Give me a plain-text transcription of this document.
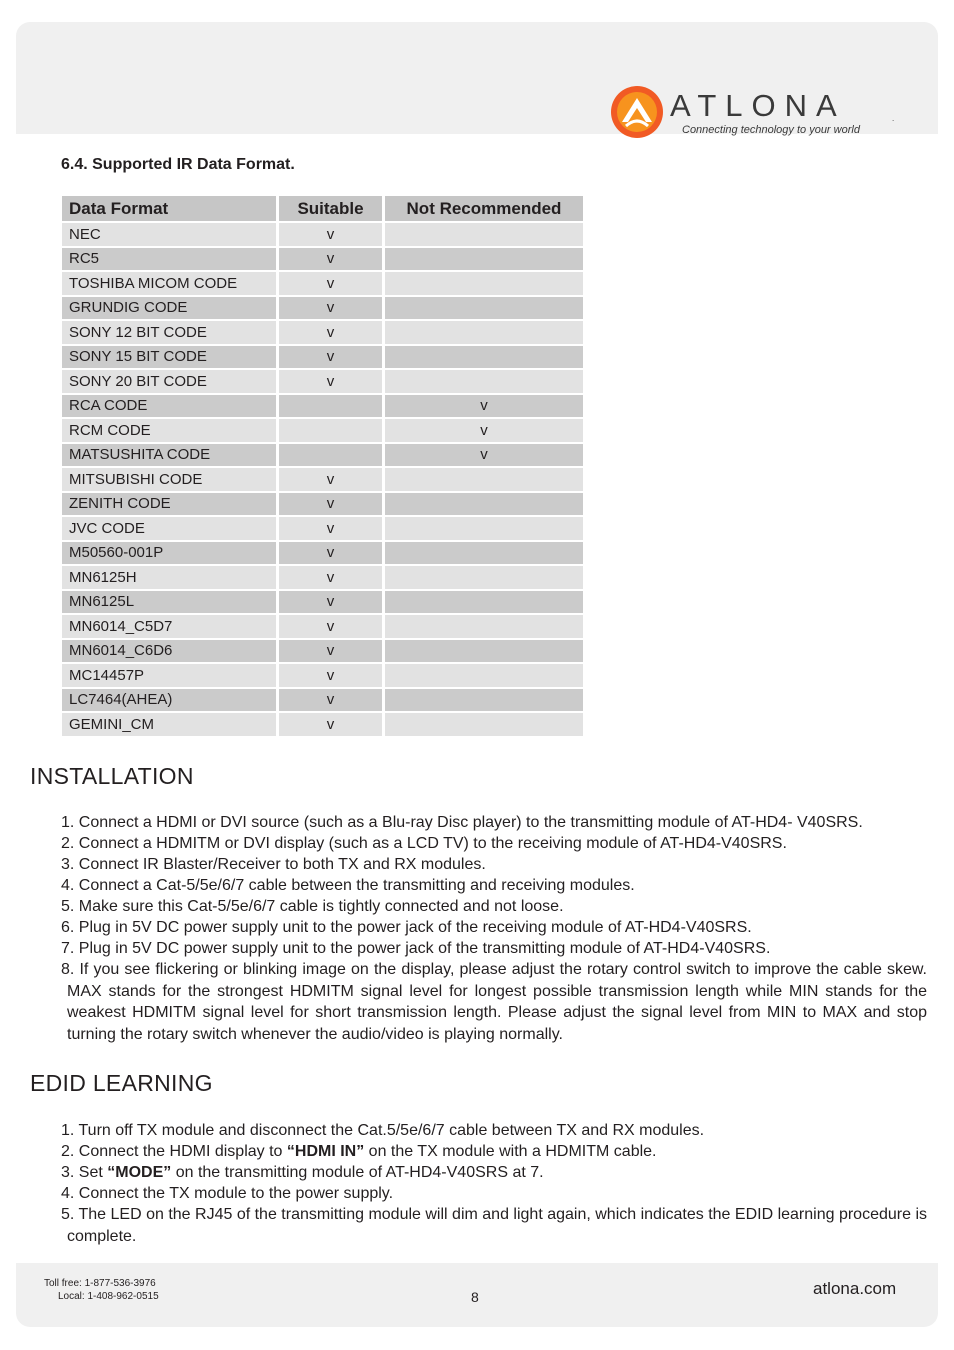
ATLONA	.
Connecting technology to your world
6.4. Supported IR Data Format.
Data Format	Suitable	Not Recommended
NEC	v	
RC5	v	
TOSHIBA MICOM CODE	v	
GRUNDIG CODE	v	
SONY 12 BIT CODE	v	
SONY 15 BIT CODE	v	
SONY 20 BIT CODE	v	
RCA CODE		v
RCM CODE		v
MATSUSHITA CODE		v
MITSUBISHI CODE	v	
ZENITH CODE	v	
JVC CODE	v	
M50560-001P	v	
MN6125H	v	
MN6125L	v	
MN6014_C5D7	v	
MN6014_C6D6	v	
MC14457P	v	
LC7464(AHEA)	v	
GEMINI_CM	v	
INSTALLATION
1. Connect a HDMI or DVI source (such as a Blu-ray Disc player) to the transmitting module of AT-HD4- V40SRS.
2. Connect a HDMITM or DVI display (such as a LCD TV) to the receiving module of AT-HD4-V40SRS.
3. Connect IR Blaster/Receiver to both TX and RX modules.
4. Connect a Cat-5/5e/6/7 cable between the transmitting and receiving modules.
5. Make sure this Cat-5/5e/6/7 cable is tightly connected and not loose.
6. Plug in 5V DC power supply unit to the power jack of the receiving module of AT-HD4-V40SRS.
7. Plug in 5V DC power supply unit to the power jack of the transmitting module of AT-HD4-V40SRS.
8. If you see flickering or blinking image on the display, please adjust the rotary control switch to improve the cable skew. MAX stands for the strongest HDMITM signal level for longest possible transmission length while MIN stands for the weakest HDMITM signal level for short transmission length. Please adjust the signal level from MIN to MAX and stop turning the rotary switch whenever the audio/video is playing normally.
EDID LEARNING
1. Turn off TX module and disconnect the Cat.5/5e/6/7 cable between TX and RX modules.
2. Connect the HDMI display to “HDMI IN” on the TX module with a HDMITM cable.
3. Set “MODE” on the transmitting module of AT-HD4-V40SRS at 7.
4. Connect the TX module to the power supply.
5. The LED on the RJ45 of the transmitting module will dim and light again, which indicates the EDID learning procedure is complete.
Toll free: 1-877-536-3976
Local: 1-408-962-0515	8	atlona.com
